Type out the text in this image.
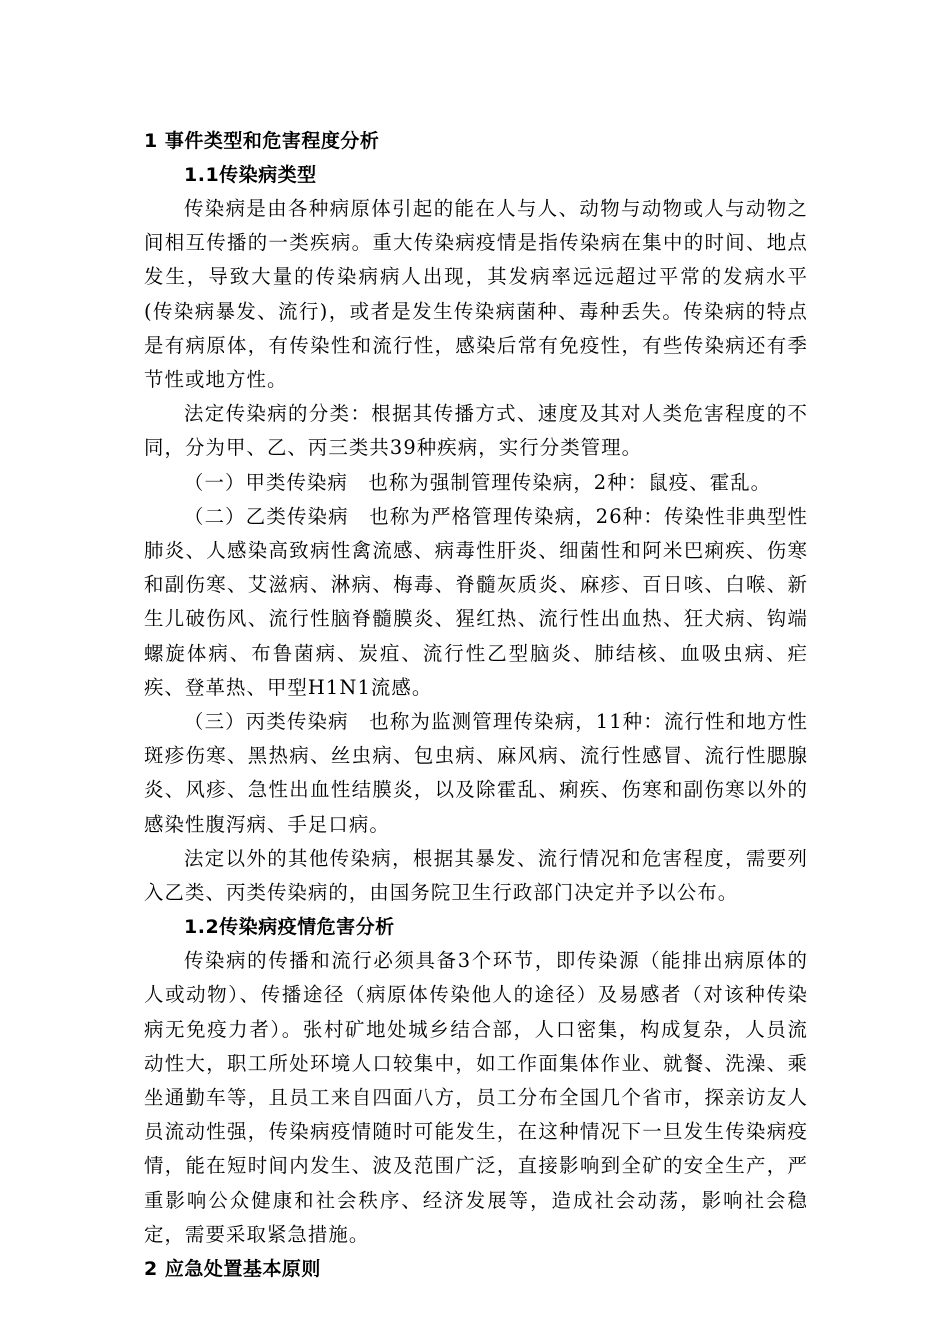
1 事件类型和危害程度分析

1.1传染病类型

传染病是由各种病原体引起的能在人与人、动物与动物或人与动物之间相互传播的一类疾病。重大传染病疫情是指传染病在集中的时间、地点发生，导致大量的传染病病人出现，其发病率远远超过平常的发病水平(传染病暴发、流行)，或者是发生传染病菌种、毒种丢失。传染病的特点是有病原体，有传染性和流行性，感染后常有免疫性，有些传染病还有季节性或地方性。

法定传染病的分类：根据其传播方式、速度及其对人类危害程度的不同，分为甲、乙、丙三类共39种疾病，实行分类管理。

（一）甲类传染病　也称为强制管理传染病，2种：鼠疫、霍乱。

（二）乙类传染病　也称为严格管理传染病，26种：传染性非典型性肺炎、人感染高致病性禽流感、病毒性肝炎、细菌性和阿米巴痢疾、伤寒和副伤寒、艾滋病、淋病、梅毒、脊髓灰质炎、麻疹、百日咳、白喉、新生儿破伤风、流行性脑脊髓膜炎、猩红热、流行性出血热、狂犬病、钩端螺旋体病、布鲁菌病、炭疽、流行性乙型脑炎、肺结核、血吸虫病、疟疾、登革热、甲型H1N1流感。

（三）丙类传染病　也称为监测管理传染病，11种：流行性和地方性斑疹伤寒、黑热病、丝虫病、包虫病、麻风病、流行性感冒、流行性腮腺炎、风疹、急性出血性结膜炎，以及除霍乱、痢疾、伤寒和副伤寒以外的感染性腹泻病、手足口病。

法定以外的其他传染病，根据其暴发、流行情况和危害程度，需要列入乙类、丙类传染病的，由国务院卫生行政部门决定并予以公布。

1.2传染病疫情危害分析

传染病的传播和流行必须具备3个环节，即传染源（能排出病原体的人或动物）、传播途径（病原体传染他人的途径）及易感者（对该种传染病无免疫力者）。张村矿地处城乡结合部，人口密集，构成复杂，人员流动性大，职工所处环境人口较集中，如工作面集体作业、就餐、洗澡、乘坐通勤车等，且员工来自四面八方，员工分布全国几个省市，探亲访友人员流动性强，传染病疫情随时可能发生，在这种情况下一旦发生传染病疫情，能在短时间内发生、波及范围广泛，直接影响到全矿的安全生产，严重影响公众健康和社会秩序、经济发展等，造成社会动荡，影响社会稳定，需要采取紧急措施。

2 应急处置基本原则
